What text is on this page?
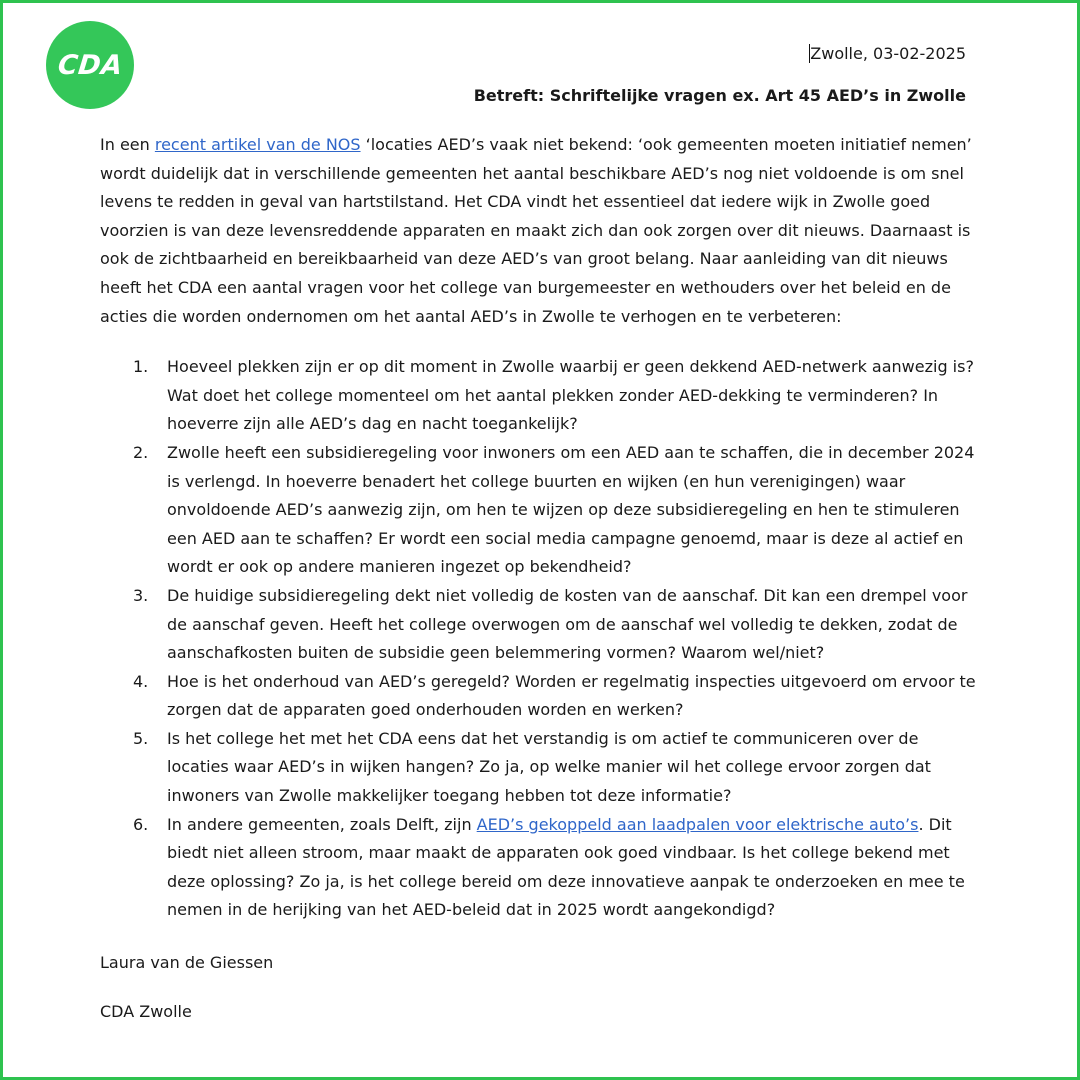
CDA	Zwolle, 03-02-2025
Betreft: Schriftelijke vragen ex. Art 45 AED’s in Zwolle

In een recent artikel van de NOS ‘locaties AED’s vaak niet bekend: ‘ook gemeenten moeten initiatief nemen’ wordt duidelijk dat in verschillende gemeenten het aantal beschikbare AED’s nog niet voldoende is om snel levens te redden in geval van hartstilstand. Het CDA vindt het essentieel dat iedere wijk in Zwolle goed voorzien is van deze levensreddende apparaten en maakt zich dan ook zorgen over dit nieuws. Daarnaast is ook de zichtbaarheid en bereikbaarheid van deze AED’s van groot belang. Naar aanleiding van dit nieuws heeft het CDA een aantal vragen voor het college van burgemeester en wethouders over het beleid en de acties die worden ondernomen om het aantal AED’s in Zwolle te verhogen en te verbeteren:

1. Hoeveel plekken zijn er op dit moment in Zwolle waarbij er geen dekkend AED-netwerk aanwezig is? Wat doet het college momenteel om het aantal plekken zonder AED-dekking te verminderen? In hoeverre zijn alle AED’s dag en nacht toegankelijk?
2. Zwolle heeft een subsidieregeling voor inwoners om een AED aan te schaffen, die in december 2024 is verlengd. In hoeverre benadert het college buurten en wijken (en hun verenigingen) waar onvoldoende AED’s aanwezig zijn, om hen te wijzen op deze subsidieregeling en hen te stimuleren een AED aan te schaffen? Er wordt een social media campagne genoemd, maar is deze al actief en wordt er ook op andere manieren ingezet op bekendheid?
3. De huidige subsidieregeling dekt niet volledig de kosten van de aanschaf. Dit kan een drempel voor de aanschaf geven. Heeft het college overwogen om de aanschaf wel volledig te dekken, zodat de aanschafkosten buiten de subsidie geen belemmering vormen? Waarom wel/niet?
4. Hoe is het onderhoud van AED’s geregeld? Worden er regelmatig inspecties uitgevoerd om ervoor te zorgen dat de apparaten goed onderhouden worden en werken?
5. Is het college het met het CDA eens dat het verstandig is om actief te communiceren over de locaties waar AED’s in wijken hangen? Zo ja, op welke manier wil het college ervoor zorgen dat inwoners van Zwolle makkelijker toegang hebben tot deze informatie?
6. In andere gemeenten, zoals Delft, zijn AED’s gekoppeld aan laadpalen voor elektrische auto’s. Dit biedt niet alleen stroom, maar maakt de apparaten ook goed vindbaar. Is het college bekend met deze oplossing? Zo ja, is het college bereid om deze innovatieve aanpak te onderzoeken en mee te nemen in de herijking van het AED-beleid dat in 2025 wordt aangekondigd?

Laura van de Giessen

CDA Zwolle
